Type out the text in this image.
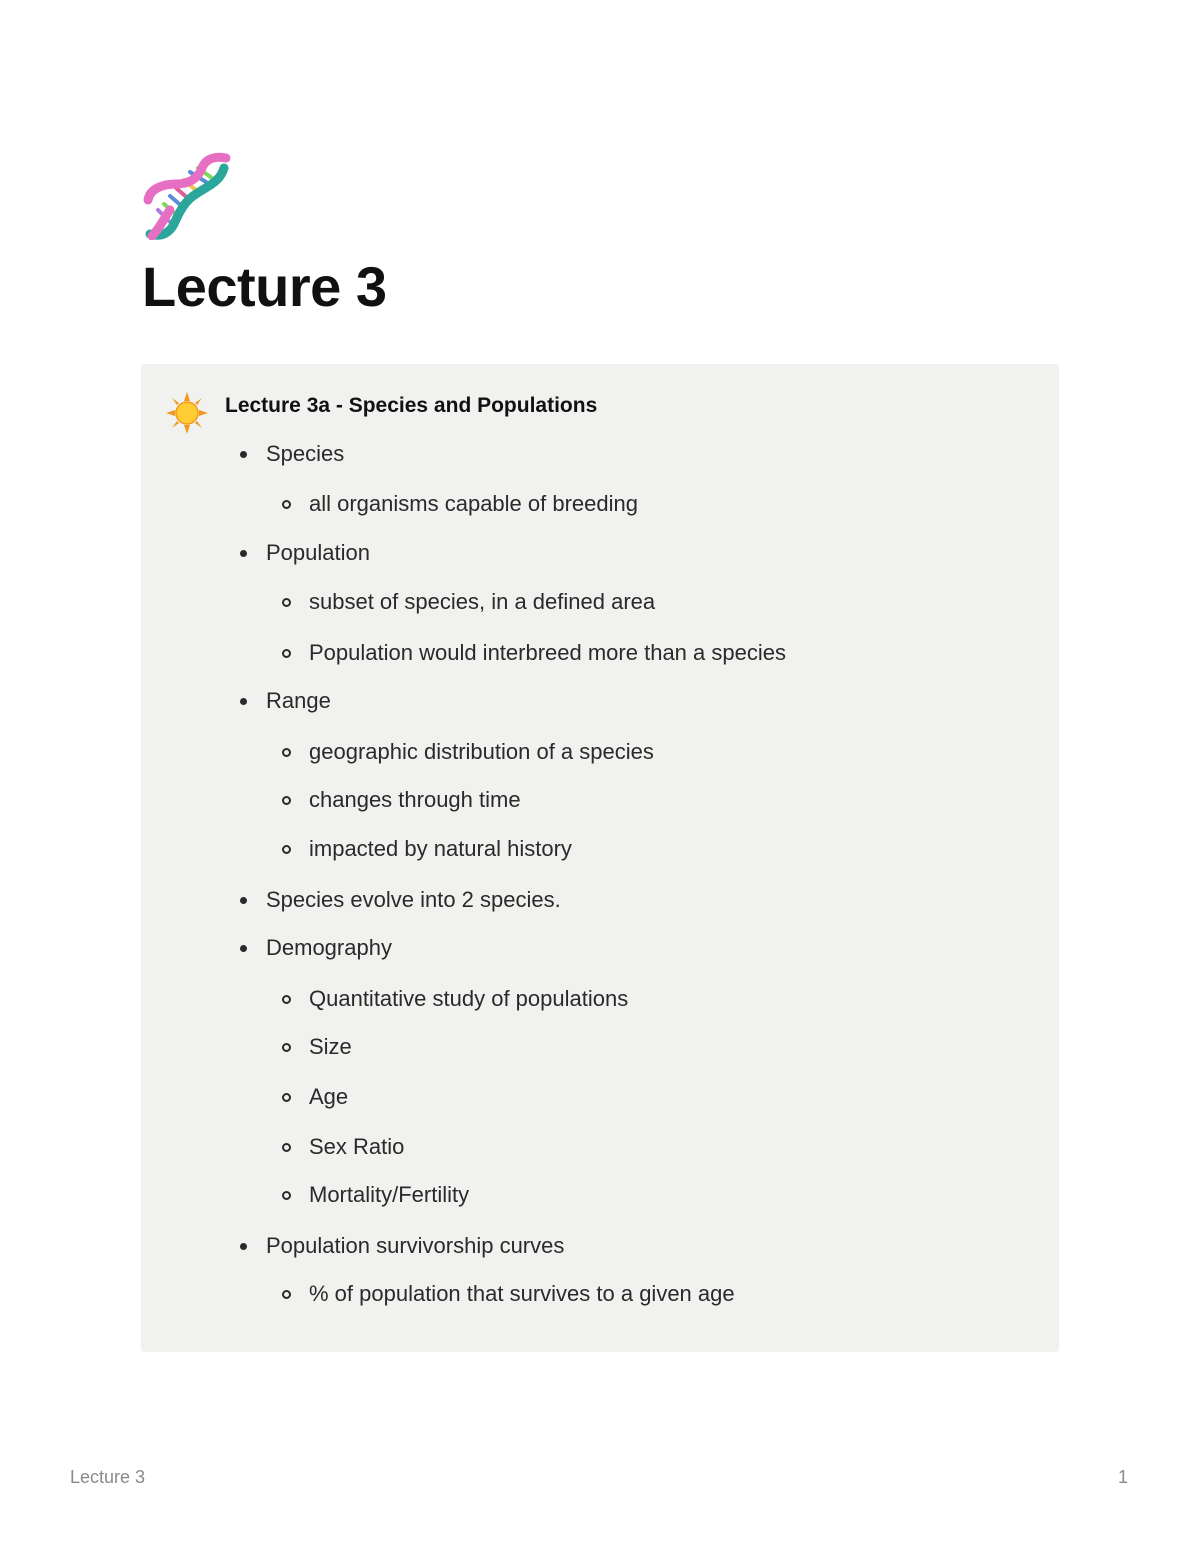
Lecture 3
Lecture 3a - Species and Populations
Species
all organisms capable of breeding
Population
subset of species, in a defined area
Population would interbreed more than a species
Range
geographic distribution of a species
changes through time
impacted by natural history
Species evolve into 2 species.
Demography
Quantitative study of populations
Size
Age
Sex Ratio
Mortality/Fertility
Population survivorship curves
% of population that survives to a given age
Lecture 3	1
